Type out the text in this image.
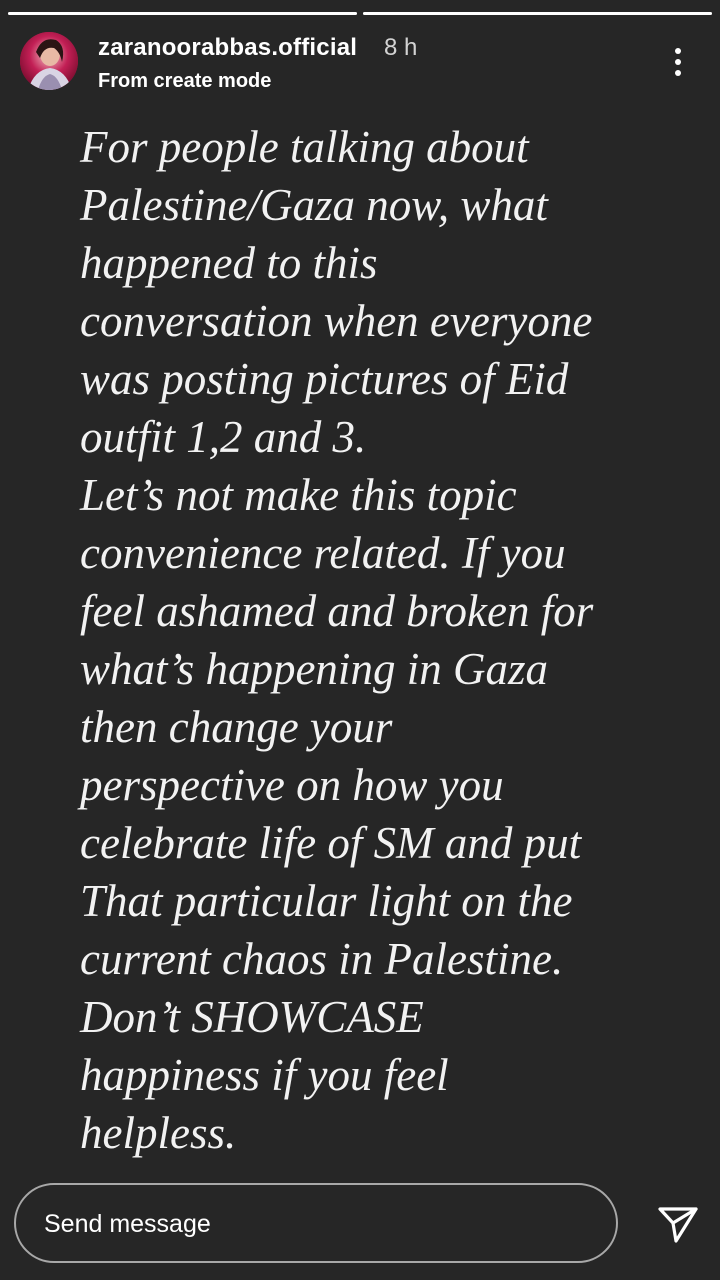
zaranoorabbas.official 8 h
From create mode

For people talking about
Palestine/Gaza now, what
happened to this
conversation when everyone
was posting pictures of Eid
outfit 1,2 and 3.
Let’s not make this topic
convenience related. If you
feel ashamed and broken for
what’s happening in Gaza
then change your
perspective on how you
celebrate life of SM and put
That particular light on the
current chaos in Palestine.
Don’t SHOWCASE
happiness if you feel
helpless.

Send message
